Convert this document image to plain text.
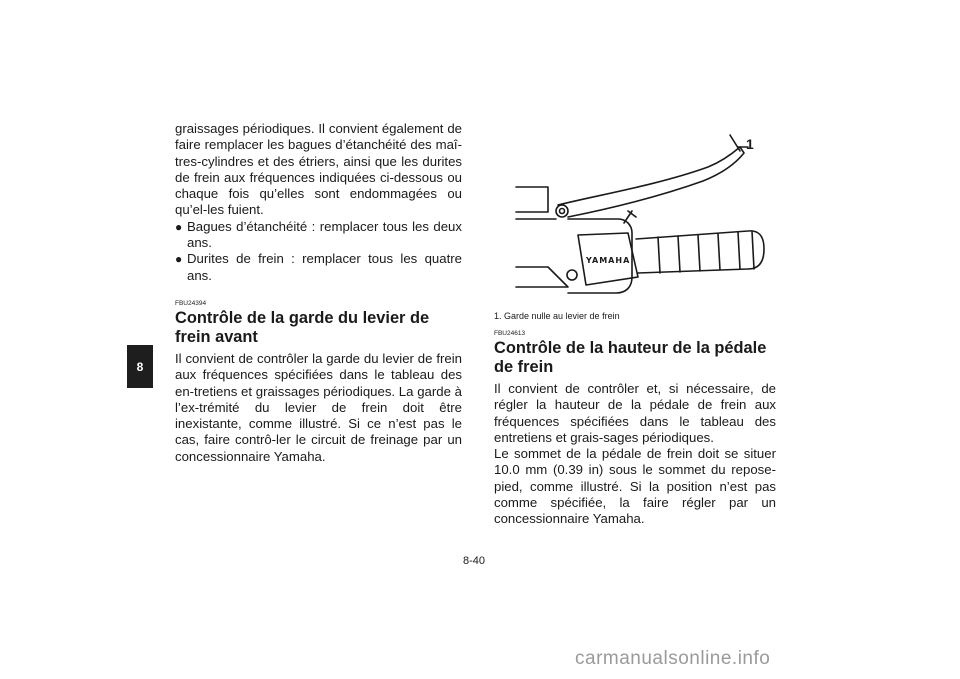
8

graissages périodiques. Il convient également de faire remplacer les bagues d’étanchéité des maî-tres-cylindres et des étriers, ainsi que les durites de frein aux fréquences indiquées ci-dessous ou chaque fois qu’elles sont endommagées ou qu’el-les fuient.

● Bagues d’étanchéité : remplacer tous les deux ans.
● Durites de frein : remplacer tous les quatre ans.

FBU24394

Contrôle de la garde du levier de frein avant

Il convient de contrôler la garde du levier de frein aux fréquences spécifiées dans le tableau des en-tretiens et graissages périodiques. La garde à l’ex-trémité du levier de frein doit être inexistante, comme illustré. Si ce n’est pas le cas, faire contrô-ler le circuit de freinage par un concessionnaire Yamaha.

YAMAHA
1
1. Garde nulle au levier de frein

FBU24613

Contrôle de la hauteur de la pédale de frein

Il convient de contrôler et, si nécessaire, de régler la hauteur de la pédale de frein aux fréquences spécifiées dans le tableau des entretiens et grais-sages périodiques.

Le sommet de la pédale de frein doit se situer 10.0 mm (0.39 in) sous le sommet du repose-pied, comme illustré. Si la position n’est pas comme spécifiée, la faire régler par un concessionnaire Yamaha.

8-40
carmanualsonline.info
